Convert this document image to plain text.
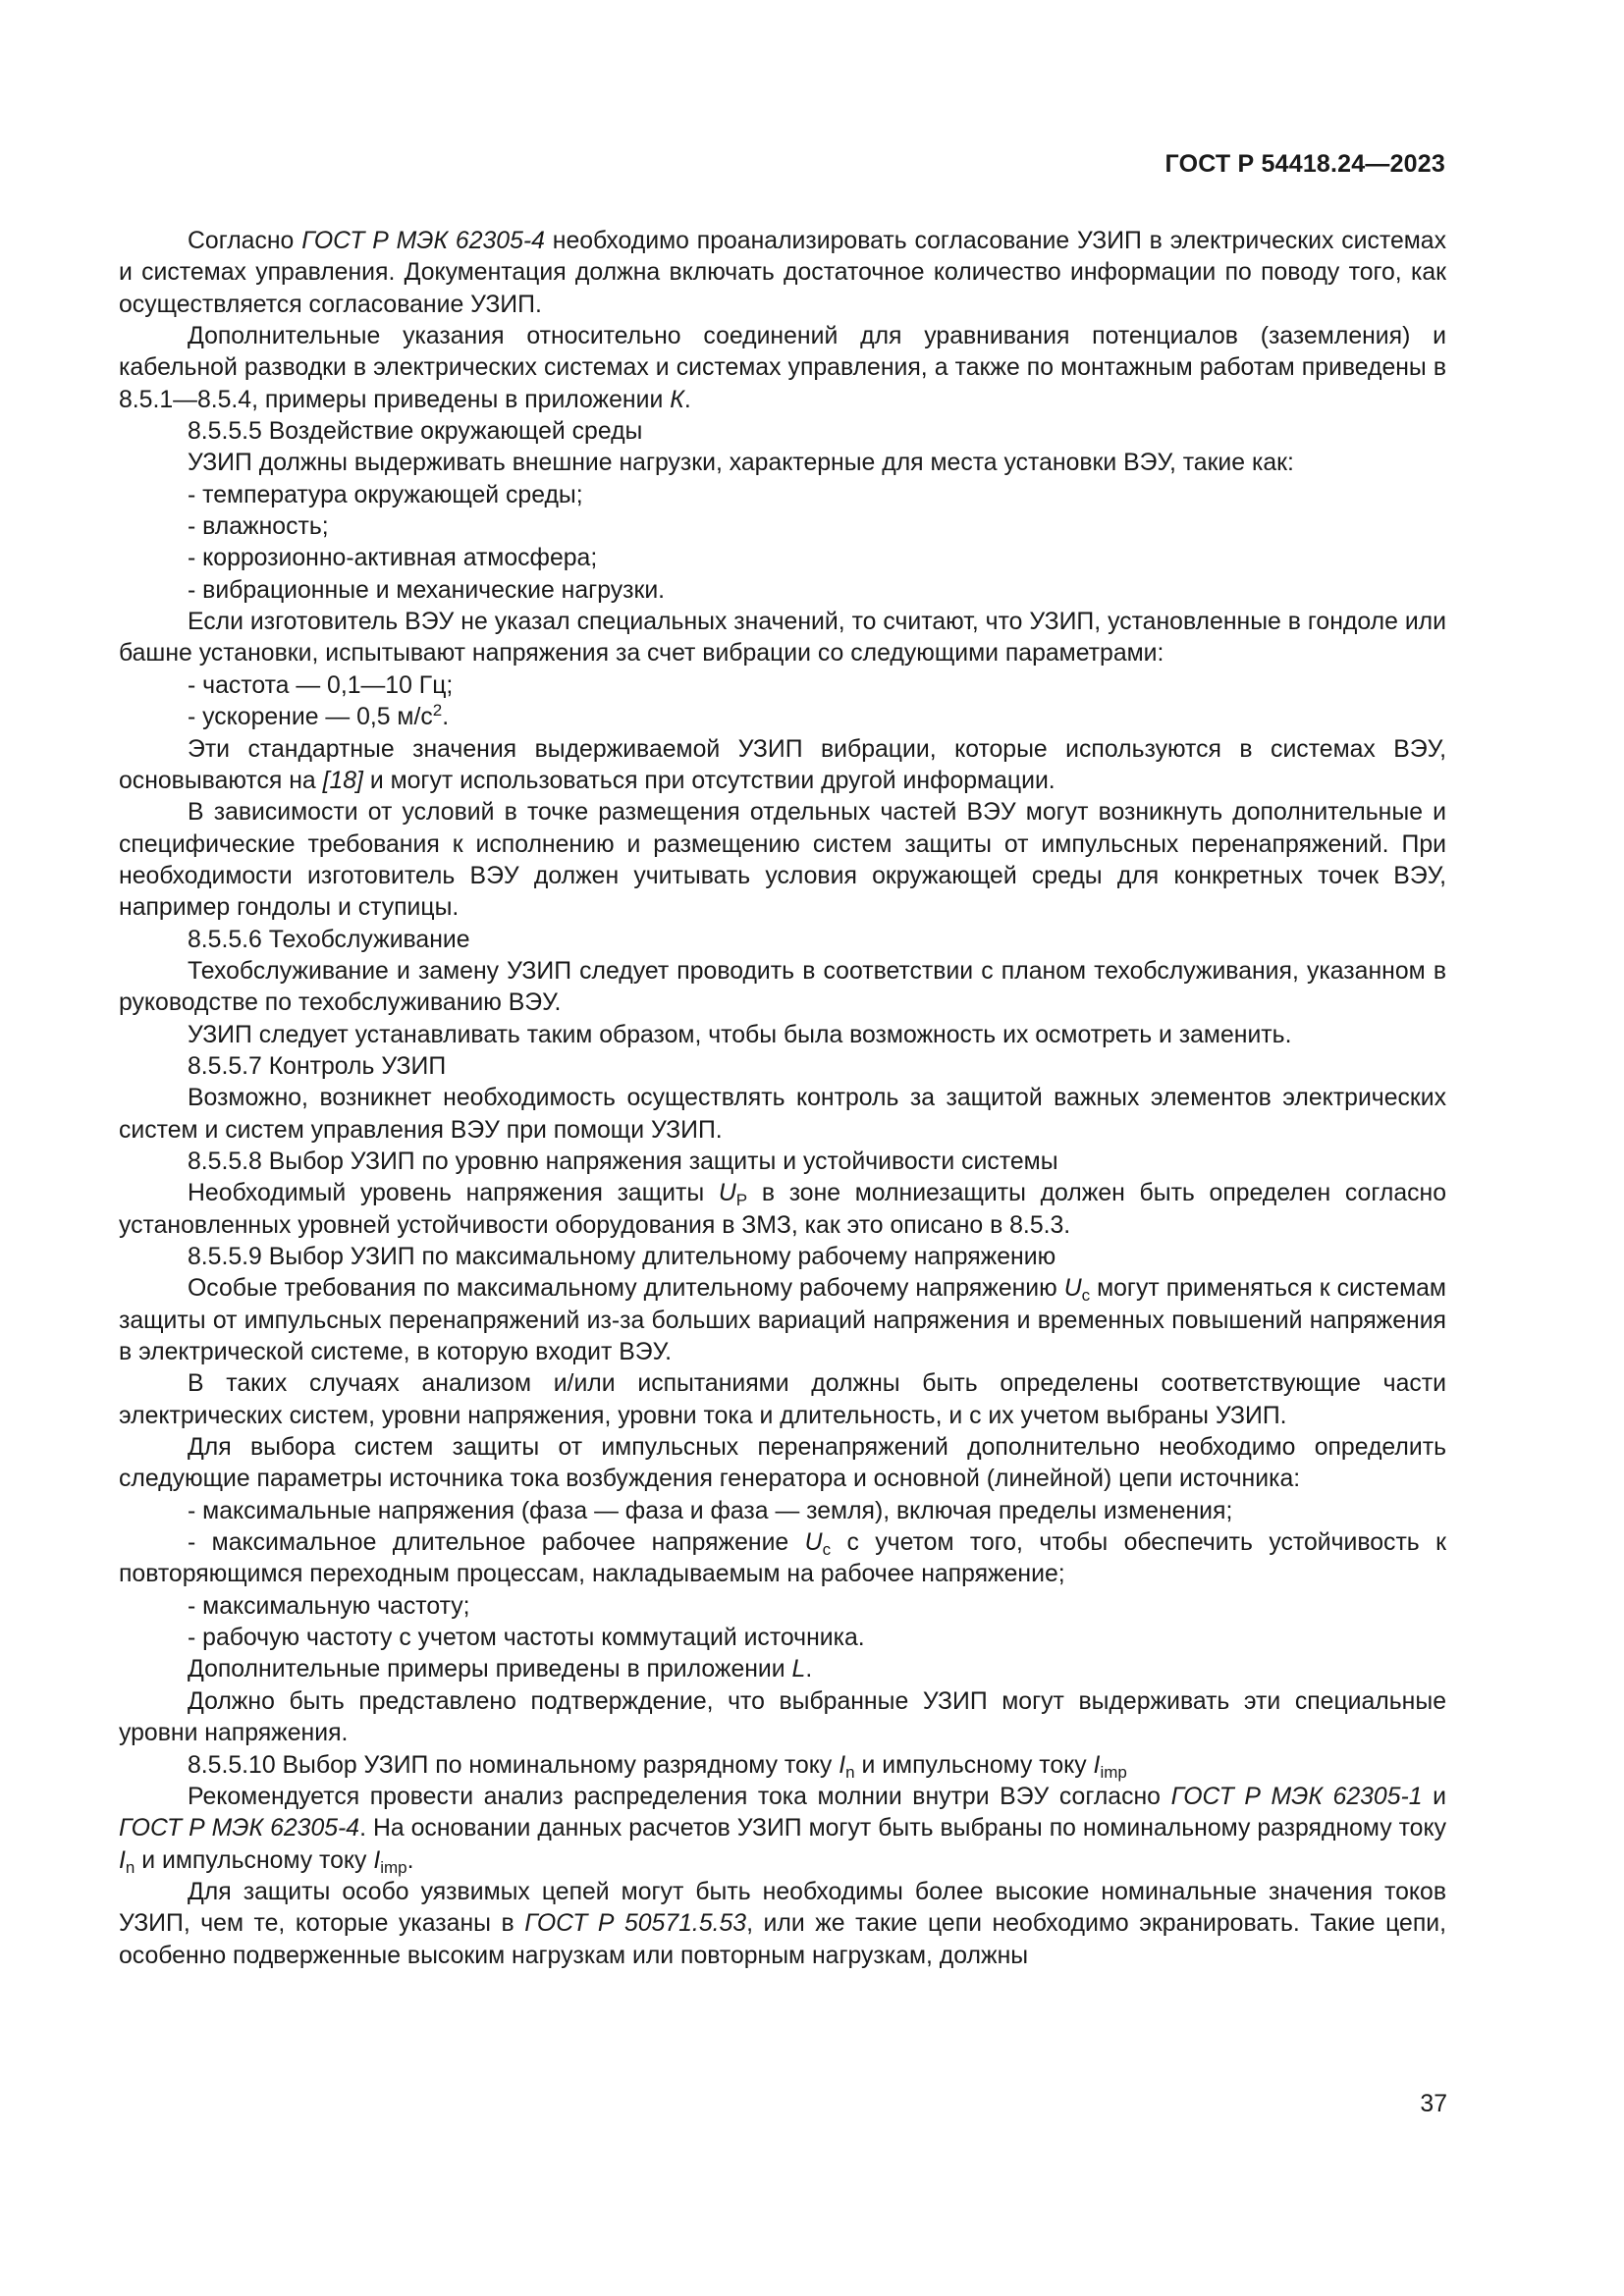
ГОСТ Р 54418.24—2023

Согласно ГОСТ Р МЭК 62305-4 необходимо проанализировать согласование УЗИП в электрических системах и системах управления. Документация должна включать достаточное количество информации по поводу того, как осуществляется согласование УЗИП.

Дополнительные указания относительно соединений для уравнивания потенциалов (заземления) и кабельной разводки в электрических системах и системах управления, а также по монтажным работам приведены в 8.5.1—8.5.4, примеры приведены в приложении К.

8.5.5.5 Воздействие окружающей среды

УЗИП должны выдерживать внешние нагрузки, характерные для места установки ВЭУ, такие как:

- температура окружающей среды;

- влажность;

- коррозионно-активная атмосфера;

- вибрационные и механические нагрузки.

Если изготовитель ВЭУ не указал специальных значений, то считают, что УЗИП, установленные в гондоле или башне установки, испытывают напряжения за счет вибрации со следующими параметрами:

- частота — 0,1—10 Гц;

- ускорение — 0,5 $м/с^2$.

Эти стандартные значения выдерживаемой УЗИП вибрации, которые используются в системах ВЭУ, основываются на [18] и могут использоваться при отсутствии другой информации.

В зависимости от условий в точке размещения отдельных частей ВЭУ могут возникнуть дополнительные и специфические требования к исполнению и размещению систем защиты от импульсных перенапряжений. При необходимости изготовитель ВЭУ должен учитывать условия окружающей среды для конкретных точек ВЭУ, например гондолы и ступицы.

8.5.5.6 Техобслуживание

Техобслуживание и замену УЗИП следует проводить в соответствии с планом техобслуживания, указанном в руководстве по техобслуживанию ВЭУ.

УЗИП следует устанавливать таким образом, чтобы была возможность их осмотреть и заменить.

8.5.5.7 Контроль УЗИП

Возможно, возникнет необходимость осуществлять контроль за защитой важных элементов электрических систем и систем управления ВЭУ при помощи УЗИП.

8.5.5.8 Выбор УЗИП по уровню напряжения защиты и устойчивости системы

Необходимый уровень напряжения защиты $U_P$ в зоне молниезащиты должен быть определен согласно установленных уровней устойчивости оборудования в ЗМЗ, как это описано в 8.5.3.

8.5.5.9 Выбор УЗИП по максимальному длительному рабочему напряжению

Особые требования по максимальному длительному рабочему напряжению $U_c$ могут применяться к системам защиты от импульсных перенапряжений из-за больших вариаций напряжения и временных повышений напряжения в электрической системе, в которую входит ВЭУ.

В таких случаях анализом и/или испытаниями должны быть определены соответствующие части электрических систем, уровни напряжения, уровни тока и длительность, и с их учетом выбраны УЗИП.

Для выбора систем защиты от импульсных перенапряжений дополнительно необходимо определить следующие параметры источника тока возбуждения генератора и основной (линейной) цепи источника:

- максимальные напряжения (фаза — фаза и фаза — земля), включая пределы изменения;

- максимальное длительное рабочее напряжение $U_c$ с учетом того, чтобы обеспечить устойчивость к повторяющимся переходным процессам, накладываемым на рабочее напряжение;

- максимальную частоту;

- рабочую частоту с учетом частоты коммутаций источника.

Дополнительные примеры приведены в приложении L.

Должно быть представлено подтверждение, что выбранные УЗИП могут выдерживать эти специальные уровни напряжения.

8.5.5.10 Выбор УЗИП по номинальному разрядному току $I_n$ и импульсному току $I_{imp}$

Рекомендуется провести анализ распределения тока молнии внутри ВЭУ согласно ГОСТ Р МЭК 62305-1 и ГОСТ Р МЭК 62305-4. На основании данных расчетов УЗИП могут быть выбраны по номинальному разрядному току $I_n$ и импульсному току $I_{imp}$.

Для защиты особо уязвимых цепей могут быть необходимы более высокие номинальные значения токов УЗИП, чем те, которые указаны в ГОСТ Р 50571.5.53, или же такие цепи необходимо экранировать. Такие цепи, особенно подверженные высоким нагрузкам или повторным нагрузкам, должны

37
